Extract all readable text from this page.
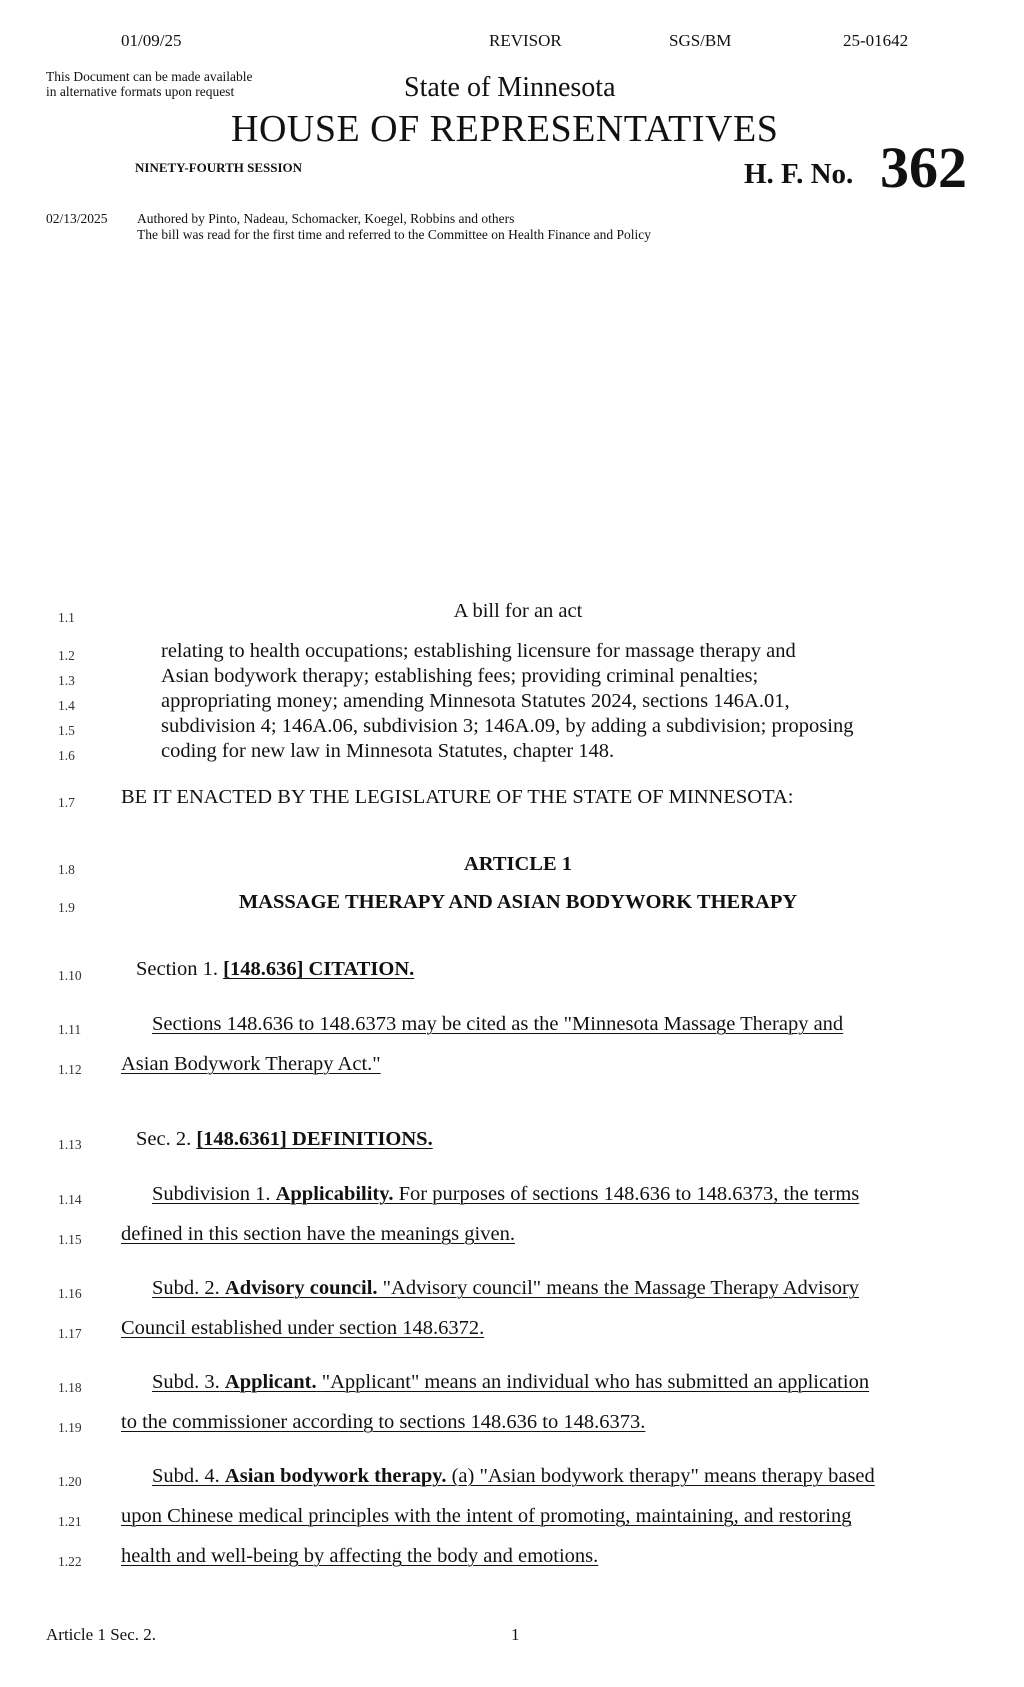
01/09/25	REVISOR	SGS/BM	25-01642
This Document can be made available
in alternative formats upon request	State of Minnesota
HOUSE OF REPRESENTATIVES
NINETY-FOURTH SESSION	H. F. No. 362
02/13/2025 Authored by Pinto, Nadeau, Schomacker, Koegel, Robbins and others
The bill was read for the first time and referred to the Committee on Health Finance and Policy
1.1
1.2
1.3
1.4
1.5
1.6
1.7
1.8
1.9
1.10
1.11
1.12
1.13
1.14
1.15
1.16
1.17
1.18
1.19
1.20
1.21
1.22
A bill for an act
relating to health occupations; establishing licensure for massage therapy and
Asian bodywork therapy; establishing fees; providing criminal penalties;
appropriating money; amending Minnesota Statutes 2024, sections 146A.01,
subdivision 4; 146A.06, subdivision 3; 146A.09, by adding a subdivision; proposing
coding for new law in Minnesota Statutes, chapter 148.
BE IT ENACTED BY THE LEGISLATURE OF THE STATE OF MINNESOTA:
ARTICLE 1
MASSAGE THERAPY AND ASIAN BODYWORK THERAPY
Section 1. [148.636] CITATION.
Sections 148.636 to 148.6373 may be cited as the "Minnesota Massage Therapy and
Asian Bodywork Therapy Act."
Sec. 2. [148.6361] DEFINITIONS.
Subdivision 1. Applicability. For purposes of sections 148.636 to 148.6373, the terms
defined in this section have the meanings given.
Subd. 2. Advisory council. "Advisory council" means the Massage Therapy Advisory
Council established under section 148.6372.
Subd. 3. Applicant. "Applicant" means an individual who has submitted an application
to the commissioner according to sections 148.636 to 148.6373.
Subd. 4. Asian bodywork therapy. (a) "Asian bodywork therapy" means therapy based
upon Chinese medical principles with the intent of promoting, maintaining, and restoring
health and well-being by affecting the body and emotions.
Article 1 Sec. 2.	1
